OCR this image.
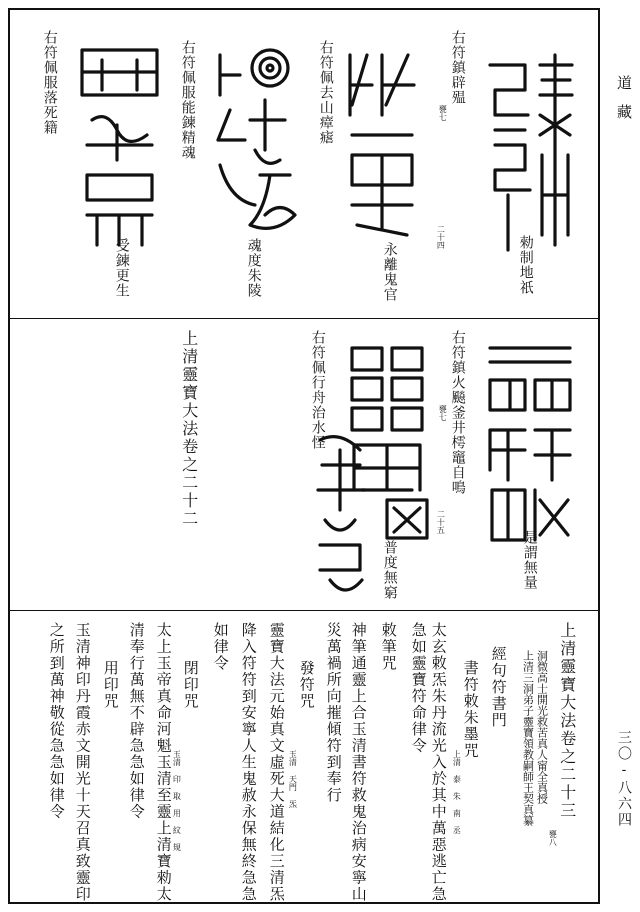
右符鎮辟殟
甕七
勑制地祇
二十四
右符佩去山瘴瘧
永離鬼官
右符佩服能鍊精魂
魂度朱陵
右符佩服落死籍
受鍊更生
右符鎮火飈釜井樗竈自鳴
甕七
是謂無量
二十五
普度無窮
右符佩行舟治水怪
上清靈寶大法卷之二十二
上清靈寶大法卷之二十三
甕八
洞微高士開光救苦真人甯全真授
上清三洞弟子靈寶領教嗣師王契真纂
經句符書門
書符敕朱墨咒
上清 泰 朱 南 丞
太玄敕炁朱丹流光入於其中萬惡逃亡急
急如靈寶符命律令
敕筆咒
神筆通靈上合玉清書符救鬼治病安寧山
災萬禍所向摧傾符到奉行
發符咒
玉清 天門 炁
靈寶大法元始真文虛死大道結化三清炁
降入符符到安寧人生鬼赦永保無終急急
如律令
閉印咒
玉清 印 取 用 紋 規
太上玉帝真命河魁玉清至靈上清寶勑太
清奉行萬無不辟急急如律令
用印咒
玉清神印丹霞赤文開光十天召真致靈印
之所到萬神敬從急急如律令
道藏
三〇-八六四
